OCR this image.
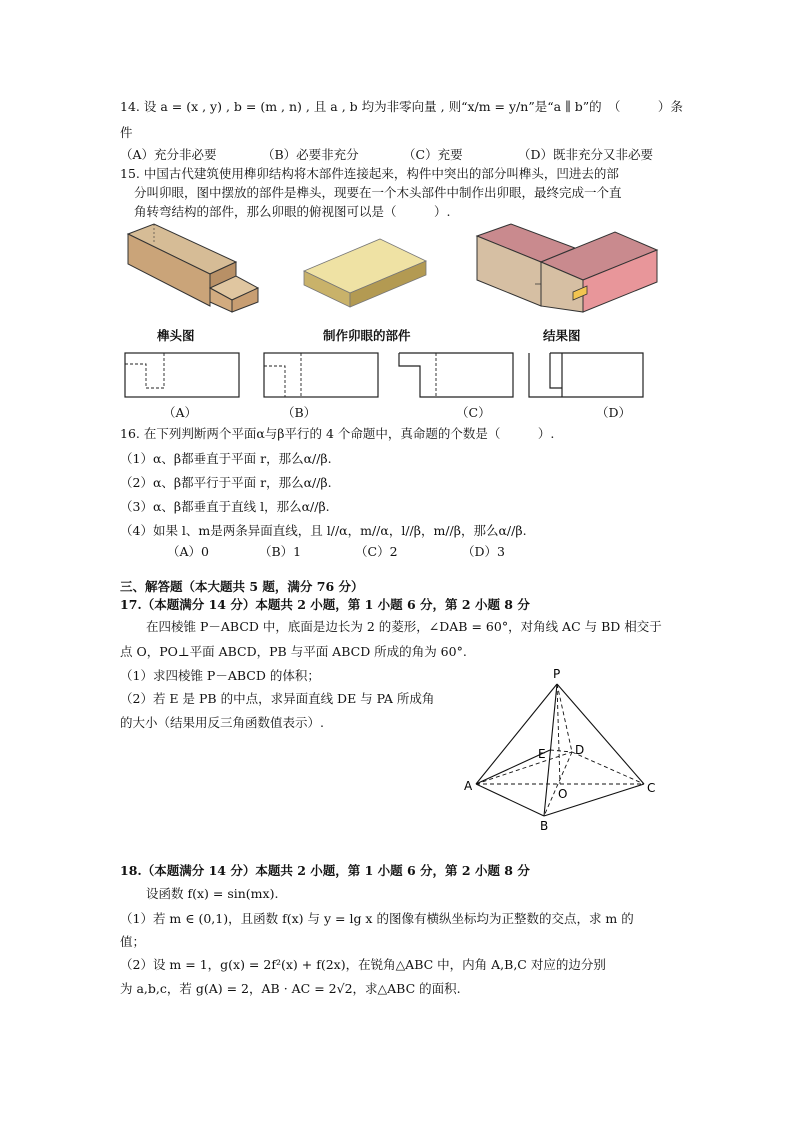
14. 设 a = (x , y) , b = (m , n) , 且 a , b 均为非零向量 , 则“x/m = y/n”是“a ∥ b”的　（　　　）条
件
（A）充分非必要	（B）必要非充分	（C）充要	（D）既非充分又非必要
15. 中国古代建筑使用榫卯结构将木部件连接起来，构件中突出的部分叫榫头，凹进去的部
分叫卯眼，图中摆放的部件是榫头，现要在一个木头部件中制作出卯眼，最终完成一个直
角转弯结构的部件，那么卯眼的俯视图可以是（　　　）.
榫头图	制作卯眼的部件	结果图
（A）	（B）	（C）	（D）
16. 在下列判断两个平面α与β平行的 4 个命题中，真命题的个数是（　　　）.
（1）α、β都垂直于平面 r，那么α//β.
（2）α、β都平行于平面 r，那么α//β.
（3）α、β都垂直于直线 l，那么α//β.
（4）如果 l、m是两条异面直线，且 l//α，m//α，l//β，m//β，那么α//β.
（A）0	（B）1	（C）2	（D）3
三、解答题（本大题共 5 题，满分 76 分）
17.（本题满分 14 分）本题共 2 小题，第 1 小题 6 分，第 2 小题 8 分
在四棱锥 P－ABCD 中，底面是边长为 2 的菱形，∠DAB = 60°，对角线 AC 与 BD 相交于
点 O，PO⊥平面 ABCD，PB 与平面 ABCD 所成的角为 60°.
（1）求四棱锥 P－ABCD 的体积；
（2）若 E 是 PB 的中点，求异面直线 DE 与 PA 所成角
的大小（结果用反三角函数值表示）.
P
E D
A
O	C
B
18.（本题满分 14 分）本题共 2 小题，第 1 小题 6 分，第 2 小题 8 分
设函数 f(x) = sin(mx).
（1）若 m ∈ (0,1)，且函数 f(x) 与 y = lg x 的图像有横纵坐标均为正整数的交点，求 m 的
值；
（2）设 m = 1，g(x) = 2f²(x) + f(2x)，在锐角△ABC 中，内角 A,B,C 对应的边分别
为 a,b,c，若 g(A) = 2，AB · AC = 2√2，求△ABC 的面积.
